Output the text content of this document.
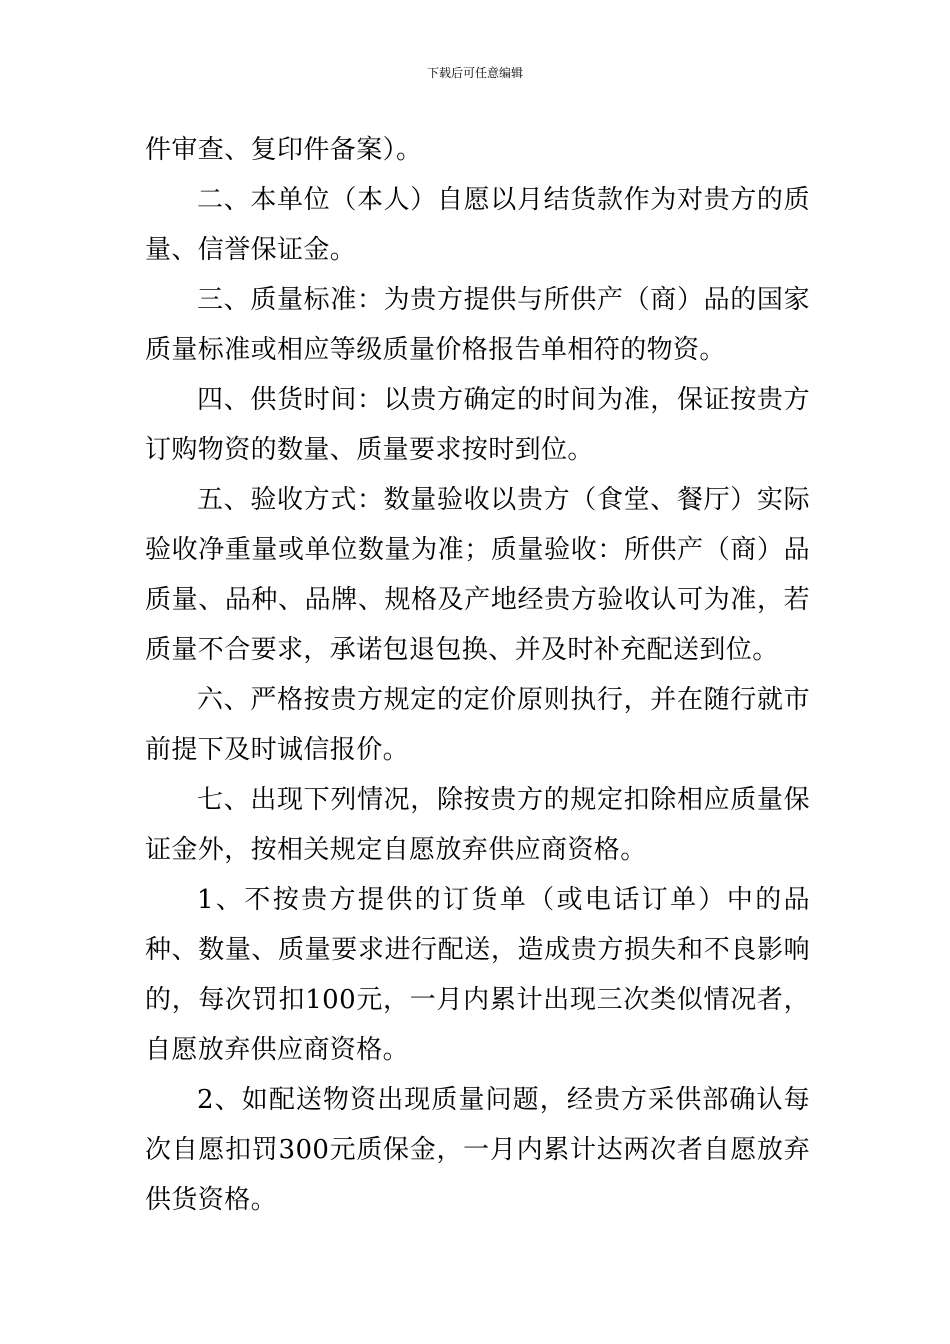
下载后可任意编辑

件审查、复印件备案）。

二、本单位（本人）自愿以月结货款作为对贵方的质量、信誉保证金。

三、质量标准：为贵方提供与所供产（商）品的国家质量标准或相应等级质量价格报告单相符的物资。

四、供货时间：以贵方确定的时间为准，保证按贵方订购物资的数量、质量要求按时到位。

五、验收方式：数量验收以贵方（食堂、餐厅）实际验收净重量或单位数量为准；质量验收：所供产（商）品质量、品种、品牌、规格及产地经贵方验收认可为准，若质量不合要求，承诺包退包换、并及时补充配送到位。

六、严格按贵方规定的定价原则执行，并在随行就市前提下及时诚信报价。

七、出现下列情况，除按贵方的规定扣除相应质量保证金外，按相关规定自愿放弃供应商资格。

1、不按贵方提供的订货单（或电话订单）中的品种、数量、质量要求进行配送，造成贵方损失和不良影响的，每次罚扣100元，一月内累计出现三次类似情况者，自愿放弃供应商资格。

2、如配送物资出现质量问题，经贵方采供部确认每次自愿扣罚300元质保金，一月内累计达两次者自愿放弃供货资格。
